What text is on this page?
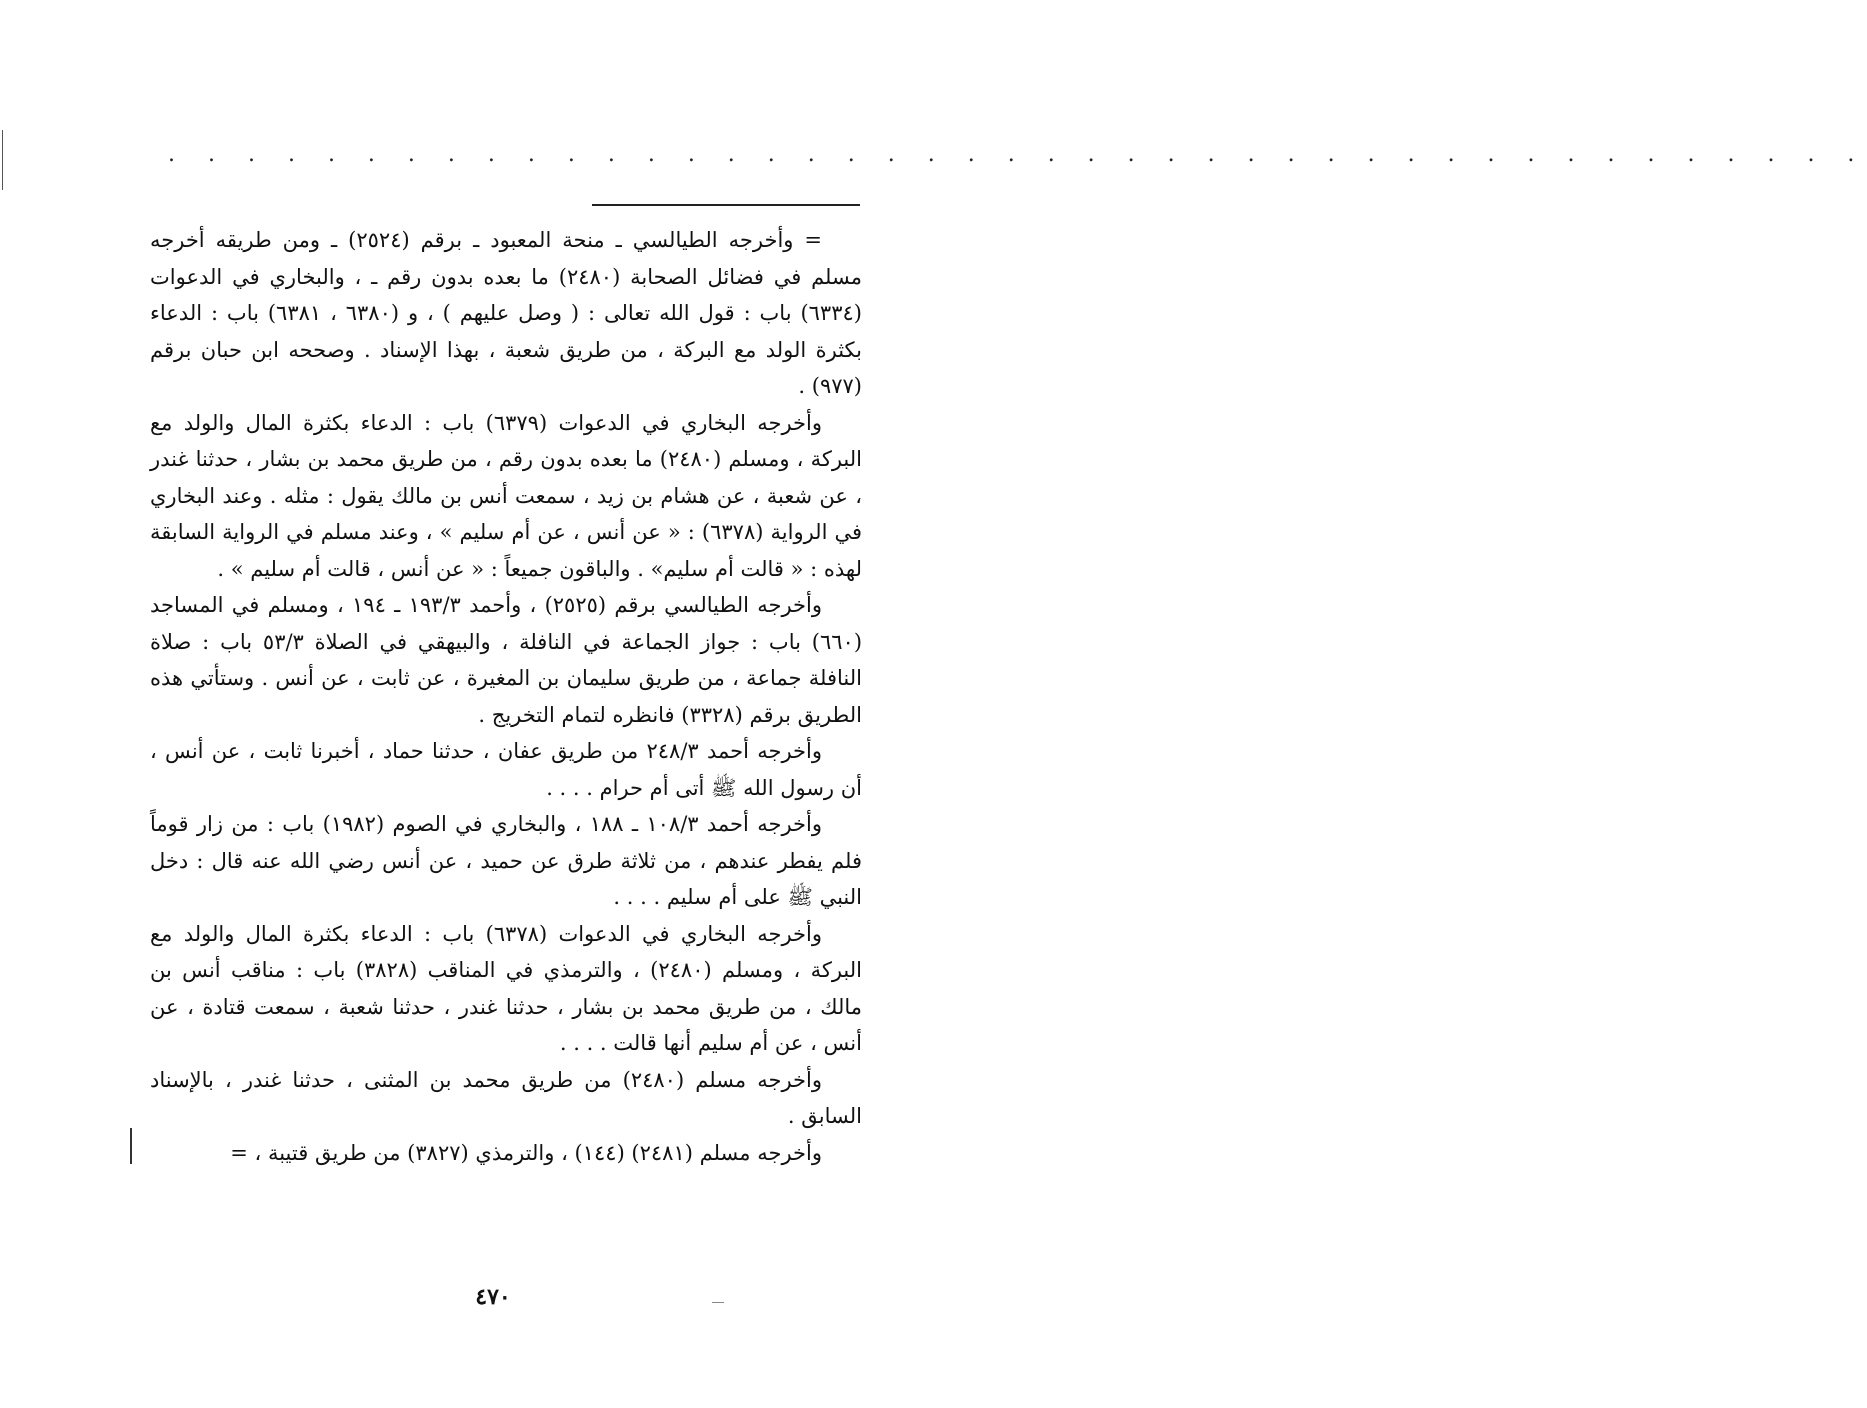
. . . . . . . . . . . . . . . . . . . . . . . . . . . . . . . . . . . . . . . . . . .

= وأخرجه الطيالسي ـ منحة المعبود ـ برقم (٢٥٢٤) ـ ومن طريقه أخرجه مسلم في فضائل الصحابة (٢٤٨٠) ما بعده بدون رقم ـ ، والبخاري في الدعوات (٦٣٣٤) باب : قول الله تعالى : ( وصل عليهم ) ، و (٦٣٨٠ ، ٦٣٨١) باب : الدعاء بكثرة الولد مع البركة ، من طريق شعبة ، بهذا الإسناد . وصححه ابن حبان برقم (٩٧٧) .

وأخرجه البخاري في الدعوات (٦٣٧٩) باب : الدعاء بكثرة المال والولد مع البركة ، ومسلم (٢٤٨٠) ما بعده بدون رقم ، من طريق محمد بن بشار ، حدثنا غندر ، عن شعبة ، عن هشام بن زيد ، سمعت أنس بن مالك يقول : مثله . وعند البخاري في الرواية (٦٣٧٨) : « عن أنس ، عن أم سليم » ، وعند مسلم في الرواية السابقة لهذه : « قالت أم سليم» . والباقون جميعاً : « عن أنس ، قالت أم سليم » .

وأخرجه الطيالسي برقم (٢٥٢٥) ، وأحمد ١٩٣/٣ ـ ١٩٤ ، ومسلم في المساجد (٦٦٠) باب : جواز الجماعة في النافلة ، والبيهقي في الصلاة ٥٣/٣ باب : صلاة النافلة جماعة ، من طريق سليمان بن المغيرة ، عن ثابت ، عن أنس . وستأتي هذه الطريق برقم (٣٣٢٨) فانظره لتمام التخريج .

وأخرجه أحمد ٢٤٨/٣ من طريق عفان ، حدثنا حماد ، أخبرنا ثابت ، عن أنس ، أن رسول الله ﷺ أتى أم حرام . . . .

وأخرجه أحمد ١٠٨/٣ ـ ١٨٨ ، والبخاري في الصوم (١٩٨٢) باب : من زار قوماً فلم يفطر عندهم ، من ثلاثة طرق عن حميد ، عن أنس رضي الله عنه قال : دخل النبي ﷺ على أم سليم . . . .

وأخرجه البخاري في الدعوات (٦٣٧٨) باب : الدعاء بكثرة المال والولد مع البركة ، ومسلم (٢٤٨٠) ، والترمذي في المناقب (٣٨٢٨) باب : مناقب أنس بن مالك ، من طريق محمد بن بشار ، حدثنا غندر ، حدثنا شعبة ، سمعت قتادة ، عن أنس ، عن أم سليم أنها قالت . . . .

وأخرجه مسلم (٢٤٨٠) من طريق محمد بن المثنى ، حدثنا غندر ، بالإسناد السابق .

وأخرجه مسلم (٢٤٨١) (١٤٤) ، والترمذي (٣٨٢٧) من طريق قتيبة ، =

٤٧٠
